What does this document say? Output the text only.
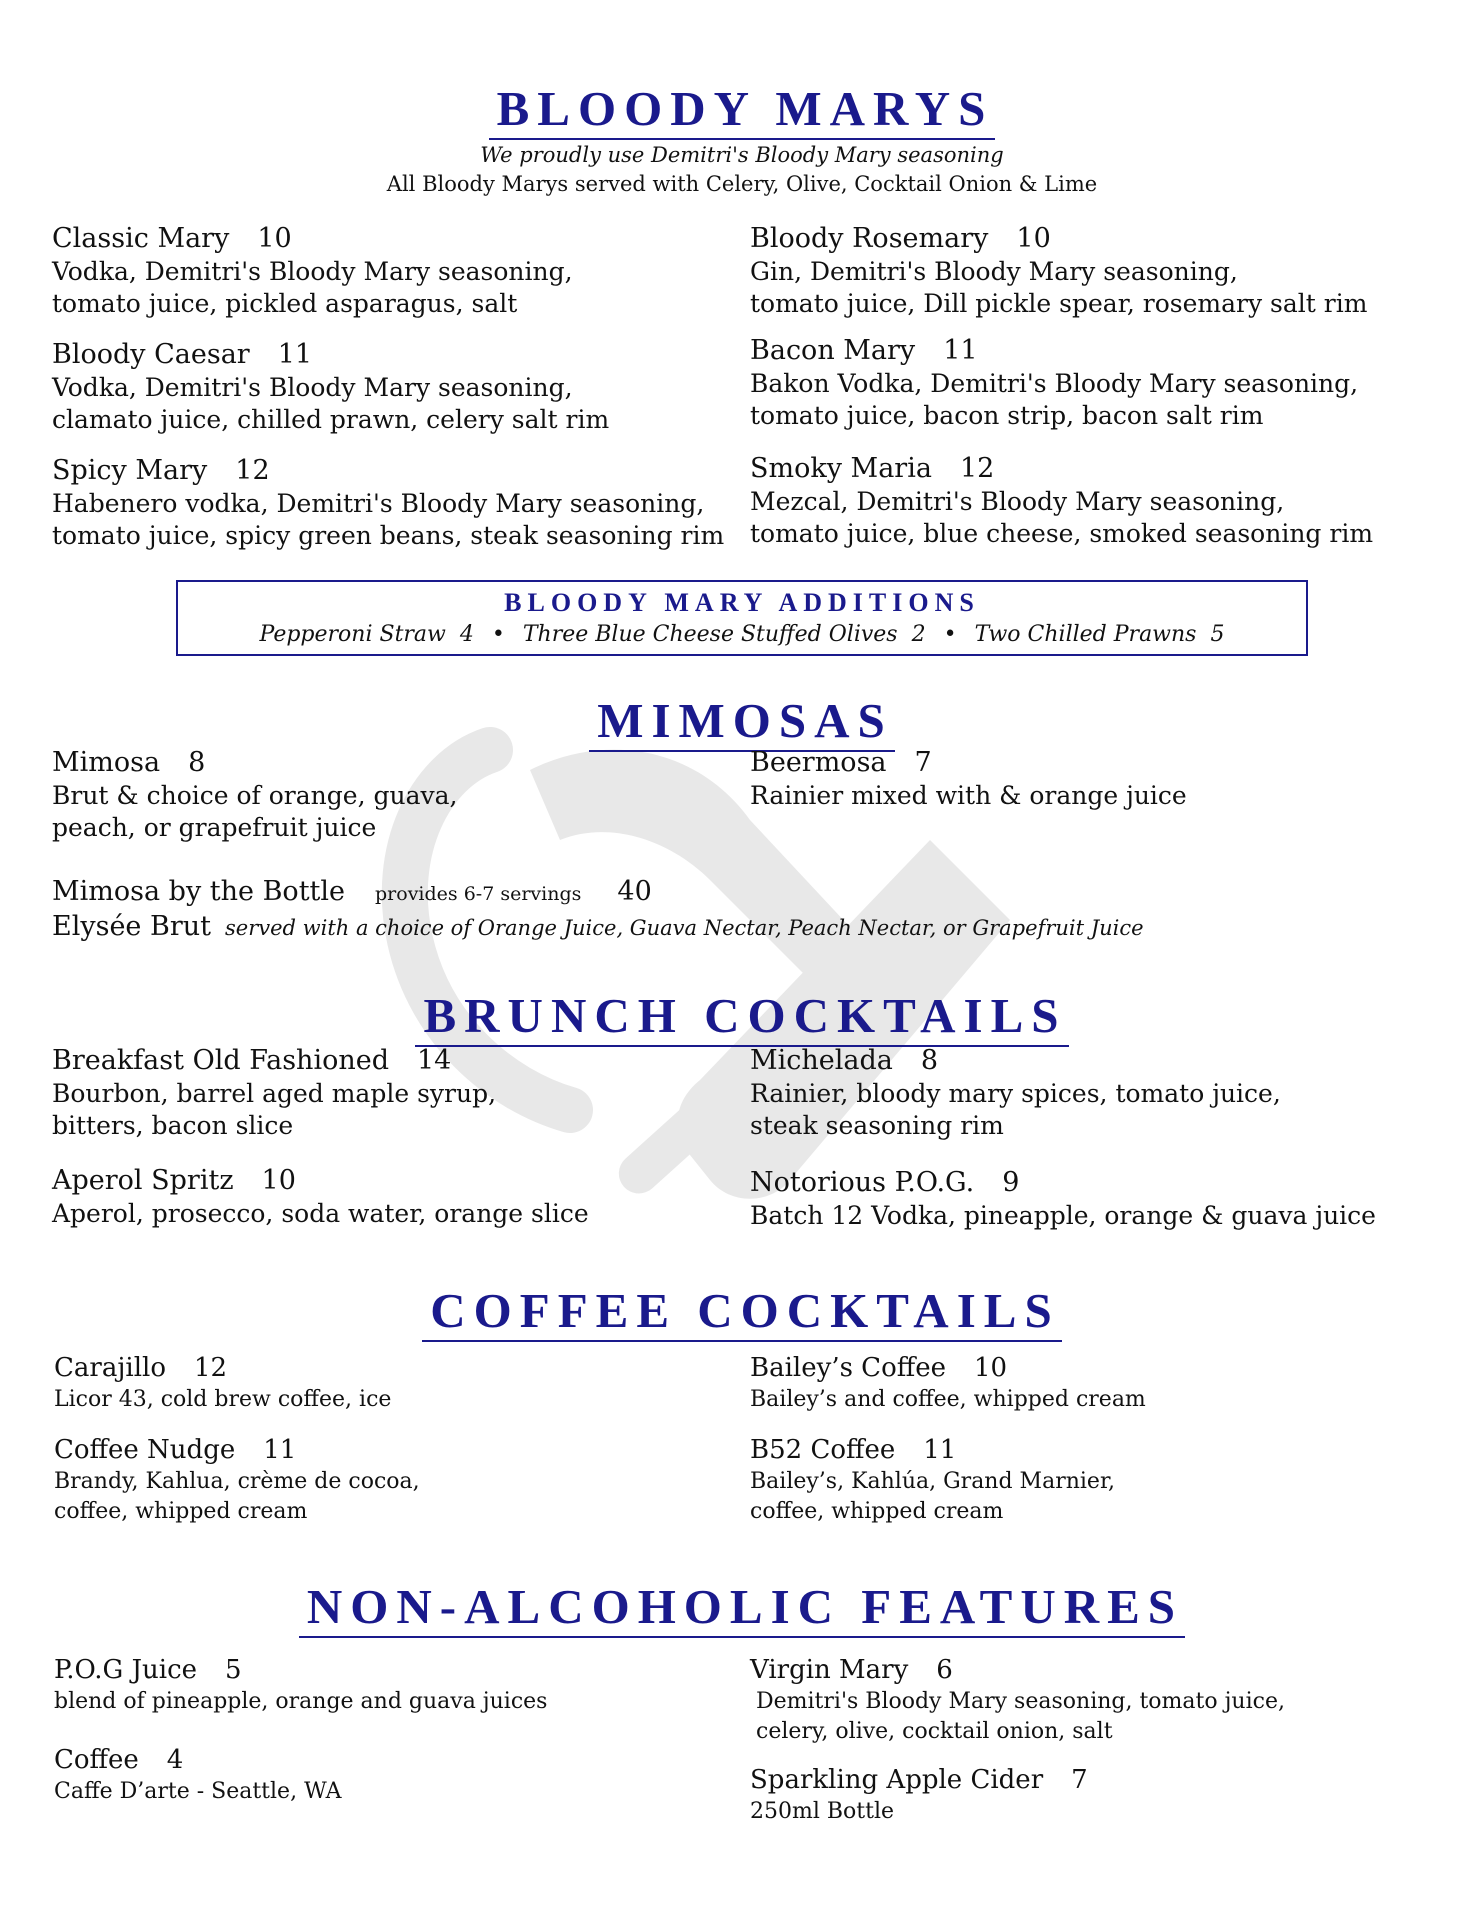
BLOODY MARYS
We proudly use Demitri's Bloody Mary seasoning
All Bloody Marys served with Celery, Olive, Cocktail Onion & Lime
Classic Mary 10
Vodka, Demitri's Bloody Mary seasoning,
tomato juice, pickled asparagus, salt
Bloody Rosemary 10
Gin, Demitri's Bloody Mary seasoning,
tomato juice, Dill pickle spear, rosemary salt rim
Bloody Caesar 11
Vodka, Demitri's Bloody Mary seasoning,
clamato juice, chilled prawn, celery salt rim
Bacon Mary 11
Bakon Vodka, Demitri's Bloody Mary seasoning,
tomato juice, bacon strip, bacon salt rim
Spicy Mary 12
Habenero vodka, Demitri's Bloody Mary seasoning,
tomato juice, spicy green beans, steak seasoning rim
Smoky Maria 12
Mezcal, Demitri's Bloody Mary seasoning,
tomato juice, blue cheese, smoked seasoning rim
BLOODY MARY ADDITIONS
Pepperoni Straw 4 • Three Blue Cheese Stuffed Olives 2 • Two Chilled Prawns 5
MIMOSAS
Mimosa 8
Brut & choice of orange, guava,
peach, or grapefruit juice
Beermosa 7
Rainier mixed with & orange juice
Mimosa by the Bottle provides 6-7 servings 40
Elysée Brut served with a choice of Orange Juice, Guava Nectar, Peach Nectar, or Grapefruit Juice
BRUNCH COCKTAILS
Breakfast Old Fashioned 14
Bourbon, barrel aged maple syrup,
bitters, bacon slice
Michelada 8
Rainier, bloody mary spices, tomato juice,
steak seasoning rim
Aperol Spritz 10
Aperol, prosecco, soda water, orange slice
Notorious P.O.G. 9
Batch 12 Vodka, pineapple, orange & guava juice
COFFEE COCKTAILS
Carajillo 12
Licor 43, cold brew coffee, ice
Bailey’s Coffee 10
Bailey’s and coffee, whipped cream
Coffee Nudge 11
Brandy, Kahlua, crème de cocoa,
coffee, whipped cream
B52 Coffee 11
Bailey’s, Kahlúa, Grand Marnier,
coffee, whipped cream
NON-ALCOHOLIC FEATURES
P.O.G Juice 5
blend of pineapple, orange and guava juices
Virgin Mary 6
Demitri's Bloody Mary seasoning, tomato juice,
celery, olive, cocktail onion, salt
Coffee 4
Caffe D’arte - Seattle, WA	Sparkling Apple Cider 7
250ml Bottle
